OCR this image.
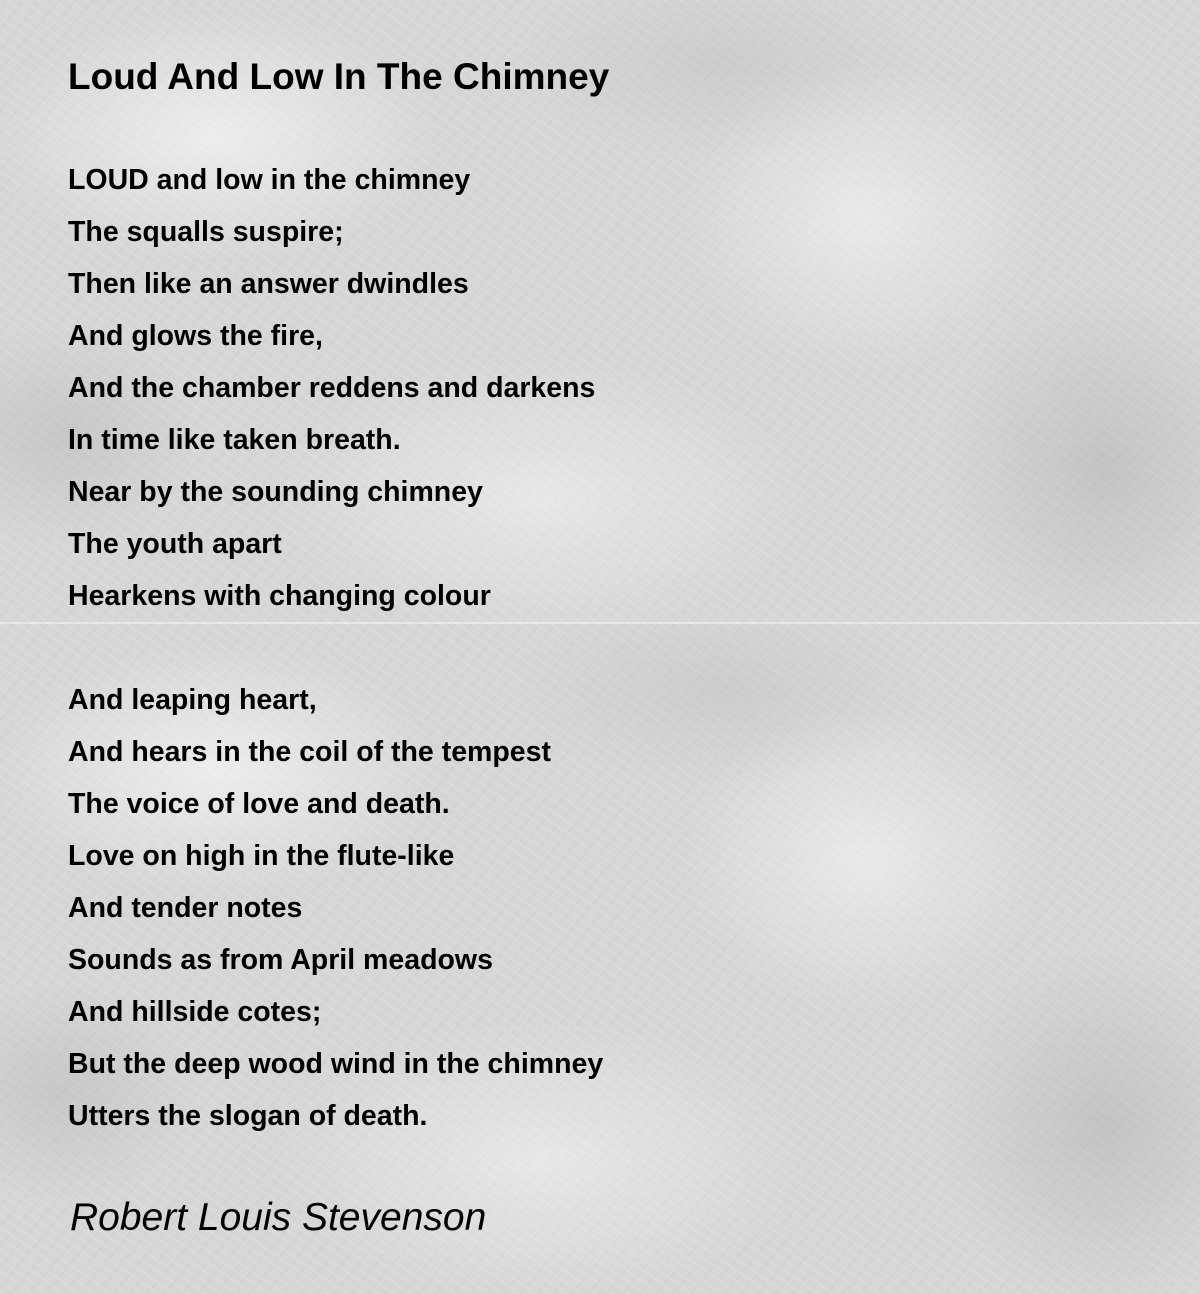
Loud And Low In The Chimney
LOUD and low in the chimney
The squalls suspire;
Then like an answer dwindles
And glows the fire,
And the chamber reddens and darkens
In time like taken breath.
Near by the sounding chimney
The youth apart
Hearkens with changing colour
And leaping heart,
And hears in the coil of the tempest
The voice of love and death.
Love on high in the flute-like
And tender notes
Sounds as from April meadows
And hillside cotes;
But the deep wood wind in the chimney
Utters the slogan of death.

Robert Louis Stevenson
